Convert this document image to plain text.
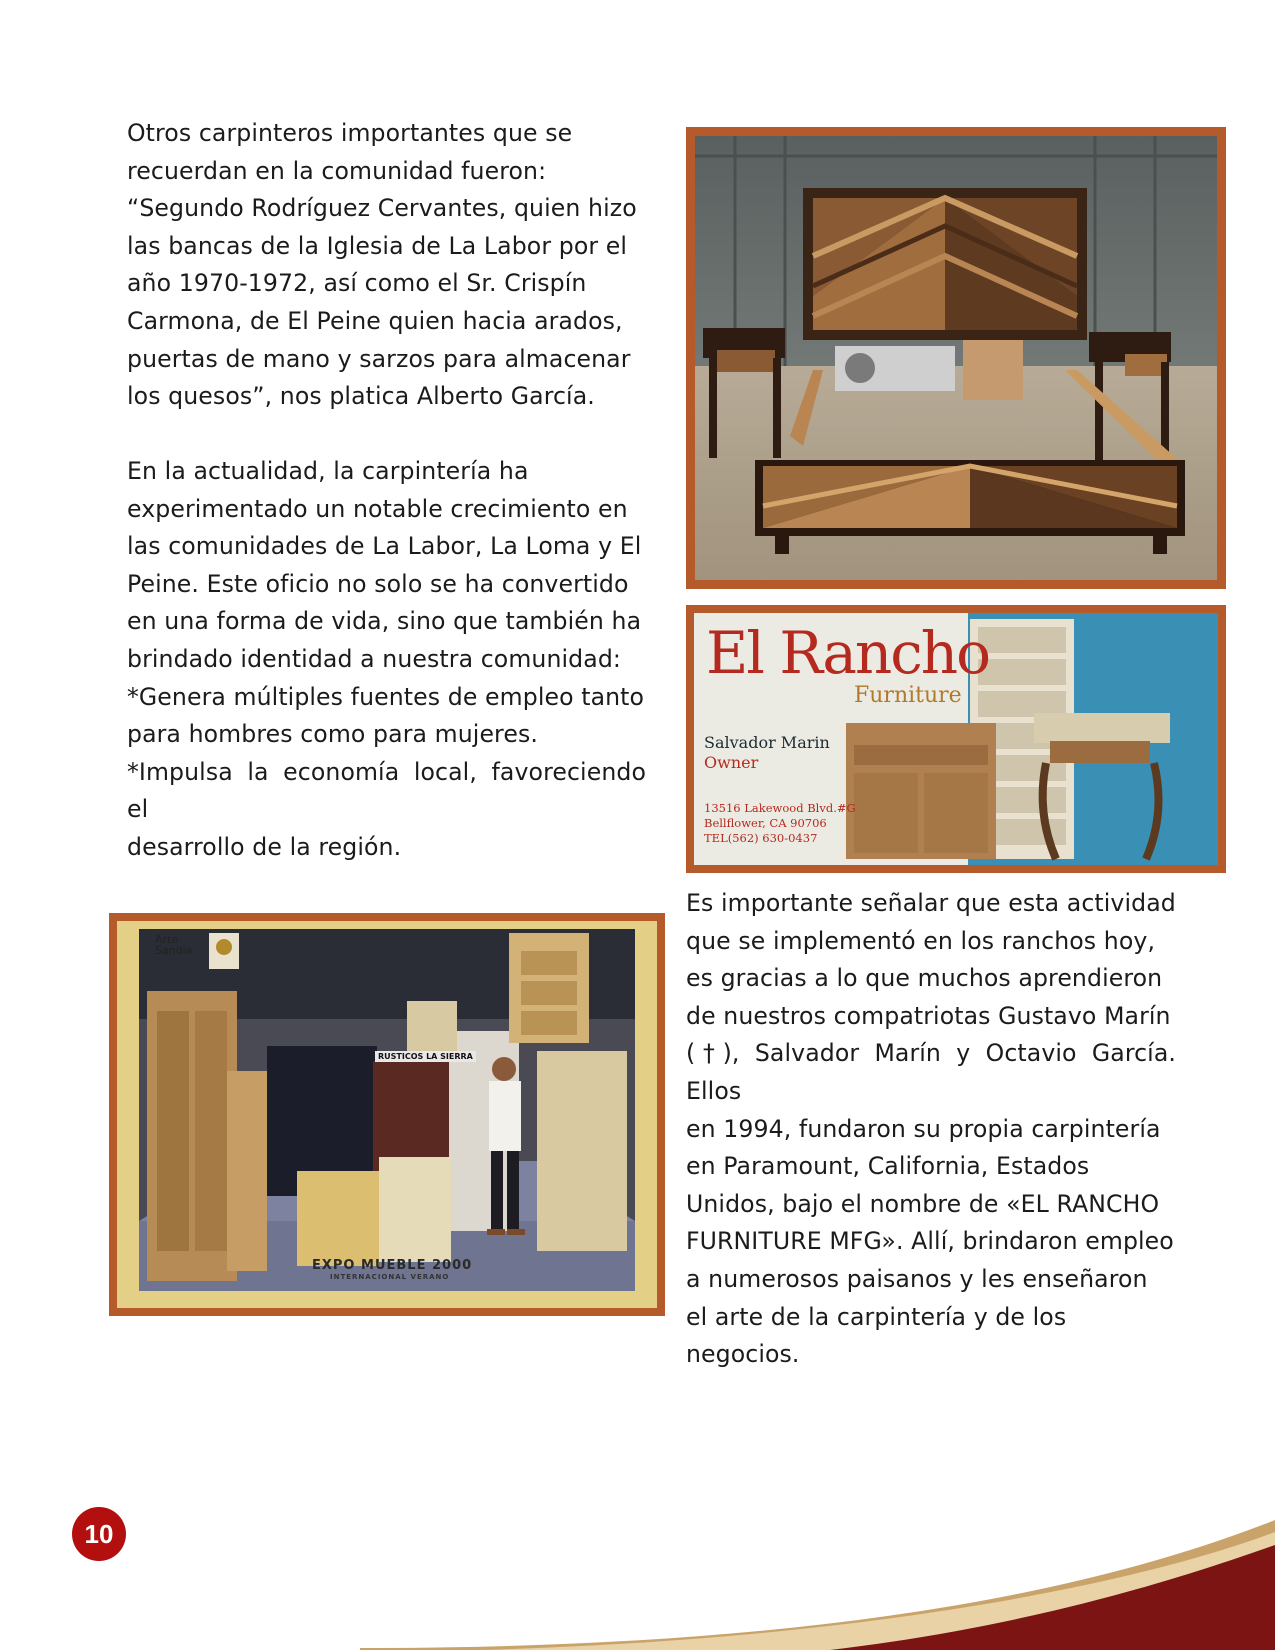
Otros carpinteros importantes que se
recuerdan en la comunidad fueron:
“Segundo Rodríguez Cervantes, quien hizo
las bancas de la Iglesia de La Labor por el
año 1970-1972, así como el Sr. Crispín
Carmona, de El Peine quien hacia arados,
puertas de mano y sarzos para almacenar
los quesos”, nos platica Alberto García.
En la actualidad, la carpintería ha
experimentado un notable crecimiento en
las comunidades de La Labor, La Loma y El
Peine. Este oficio no solo se ha convertido
en una forma de vida, sino que también ha
brindado identidad a nuestra comunidad:
*Genera múltiples fuentes de empleo tanto
para hombres como para mujeres.
*Impulsa la economía local, favoreciendo el
desarrollo de la región.
Es importante señalar que esta actividad
que se implementó en los ranchos hoy,
es gracias a lo que muchos aprendieron
de nuestros compatriotas Gustavo Marín
(†), Salvador Marín y Octavio García. Ellos
en 1994, fundaron su propia carpintería
en Paramount, California, Estados
Unidos, bajo el nombre de «EL RANCHO
FURNITURE MFG». Allí, brindaron empleo
a numerosos paisanos y les enseñaron
el arte de la carpintería y de los
negocios.
El Rancho
Furniture
Salvador Marin
Owner
13516 Lakewood Blvd.#G
Bellflower, CA 90706
TEL(562) 630-0437
Arte
Sandia
RUSTICOS LA SIERRA
EXPO MUEBLE 2000
INTERNACIONAL VERANO
10
